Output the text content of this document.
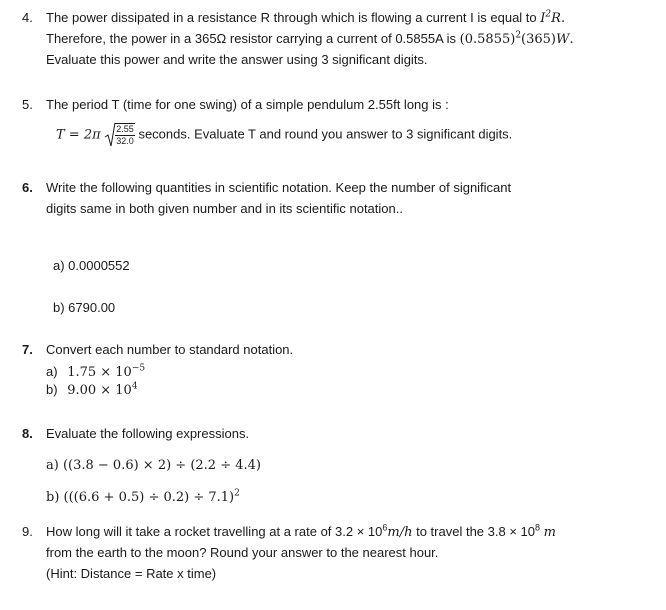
4. The power dissipated in a resistance R through which is flowing a current I is equal to $I^2R$.
Therefore, the power in a 365Ω resistor carrying a current of 0.5855A is $(0.5855)^2(365)W$.
Evaluate this power and write the answer using 3 significant digits.
5. The period T (time for one swing) of a simple pendulum 2.55ft long is :
$T = 2\pi \frac{2.55}{32.0}$ seconds. Evaluate T and round you answer to 3 significant digits.
6. Write the following quantities in scientific notation. Keep the number of significant
digits same in both given number and in its scientific notation..
a) 0.0000552
b) 6790.00
7. Convert each number to standard notation.
a) $1.75 \times 10^{-5}$
b) $9.00 \times 10^4$
8. Evaluate the following expressions.
a) ((3.8 − 0.6) × 2) ÷ (2.2 ÷ 4.4)
b) $(((6.6 + 0.5) \div 0.2) \div 7.1)^2$
9. How long will it take a rocket travelling at a rate of $3.2 \times 10^6m/h$ to travel the $3.8 \times 10^8$ m
from the earth to the moon? Round your answer to the nearest hour.
(Hint: Distance = Rate x time)
